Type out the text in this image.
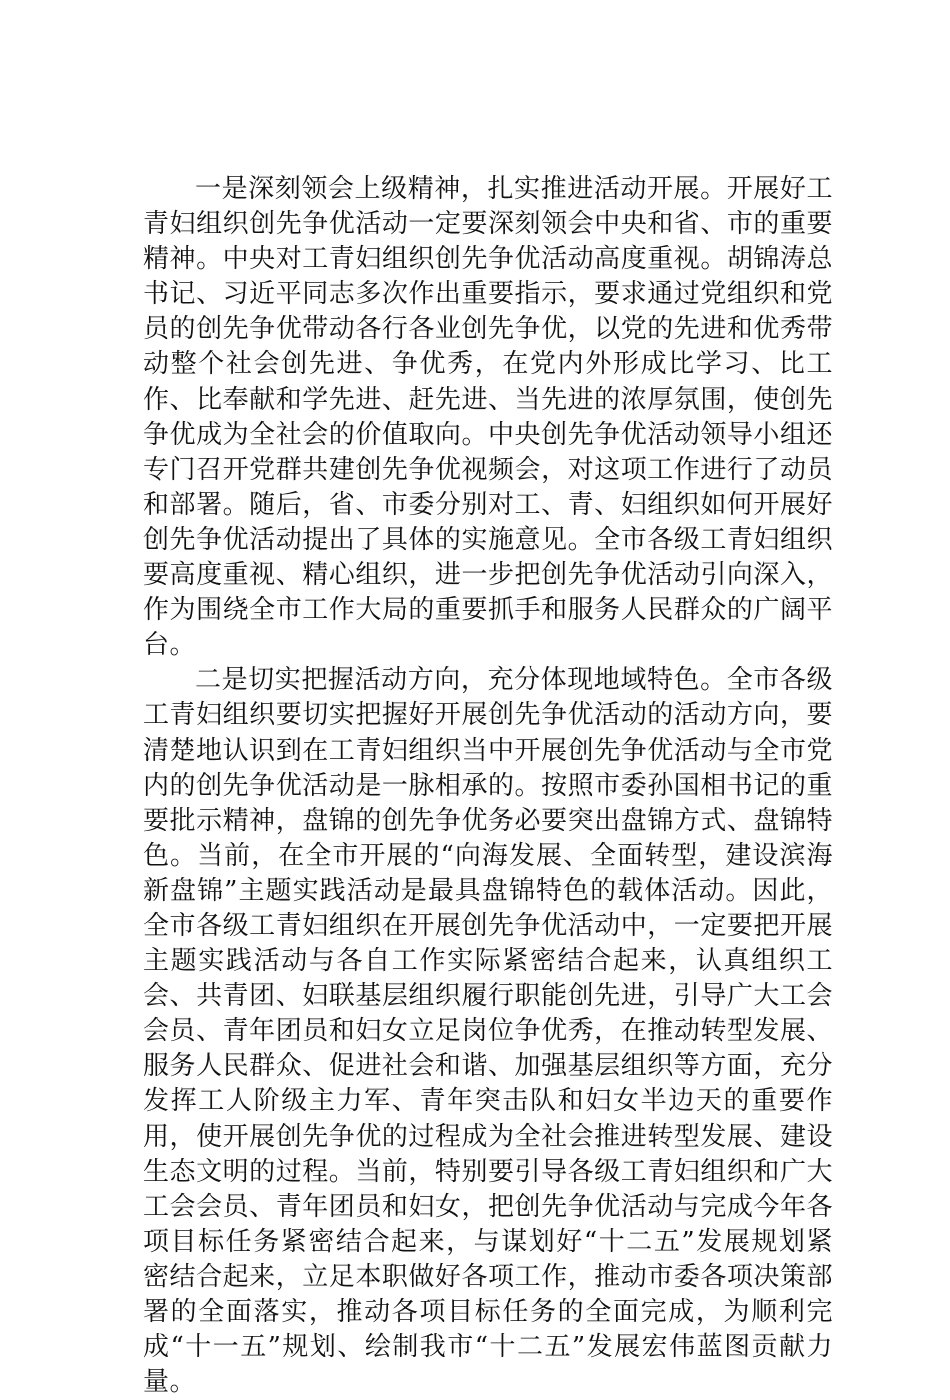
一是深刻领会上级精神，扎实推进活动开展。开展好工青妇组织创先争优活动一定要深刻领会中央和省、市的重要精神。中央对工青妇组织创先争优活动高度重视。胡锦涛总书记、习近平同志多次作出重要指示，要求通过党组织和党员的创先争优带动各行各业创先争优，以党的先进和优秀带动整个社会创先进、争优秀，在党内外形成比学习、比工作、比奉献和学先进、赶先进、当先进的浓厚氛围，使创先争优成为全社会的价值取向。中央创先争优活动领导小组还专门召开党群共建创先争优视频会，对这项工作进行了动员和部署。随后，省、市委分别对工、青、妇组织如何开展好创先争优活动提出了具体的实施意见。全市各级工青妇组织要高度重视、精心组织，进一步把创先争优活动引向深入，作为围绕全市工作大局的重要抓手和服务人民群众的广阔平台。

二是切实把握活动方向，充分体现地域特色。全市各级工青妇组织要切实把握好开展创先争优活动的活动方向，要清楚地认识到在工青妇组织当中开展创先争优活动与全市党内的创先争优活动是一脉相承的。按照市委孙国相书记的重要批示精神，盘锦的创先争优务必要突出盘锦方式、盘锦特色。当前，在全市开展的“向海发展、全面转型，建设滨海新盘锦”主题实践活动是最具盘锦特色的载体活动。因此，全市各级工青妇组织在开展创先争优活动中，一定要把开展主题实践活动与各自工作实际紧密结合起来，认真组织工会、共青团、妇联基层组织履行职能创先进，引导广大工会会员、青年团员和妇女立足岗位争优秀，在推动转型发展、服务人民群众、促进社会和谐、加强基层组织等方面，充分发挥工人阶级主力军、青年突击队和妇女半边天的重要作用，使开展创先争优的过程成为全社会推进转型发展、建设生态文明的过程。当前，特别要引导各级工青妇组织和广大工会会员、青年团员和妇女，把创先争优活动与完成今年各项目标任务紧密结合起来，与谋划好“十二五”发展规划紧密结合起来，立足本职做好各项工作，推动市委各项决策部署的全面落实，推动各项目标任务的全面完成，为顺利完成“十一五”规划、绘制我市“十二五”发展宏伟蓝图贡献力量。
